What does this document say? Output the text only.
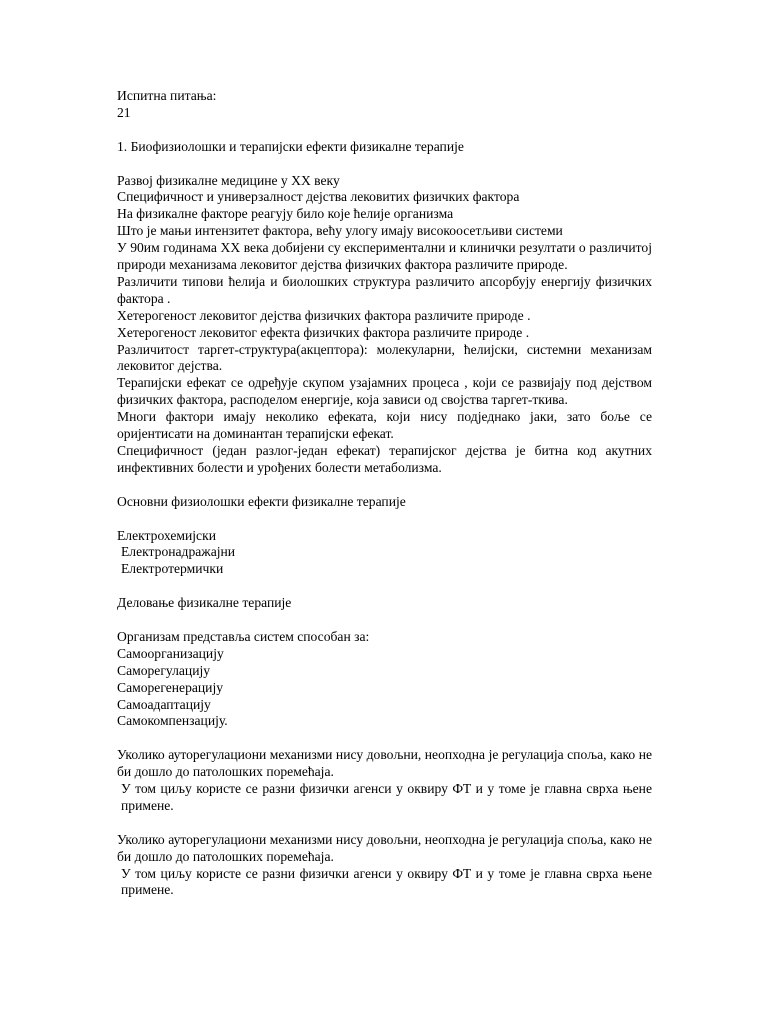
Испитна питања:
21
1. Биофизиолошки и терапијски ефекти физикалне терапије
Развој физикалне медицине у XX веку
Специфичност и универзалност дејства лековитих физичких фактора
На физикалне факторе реагују било које ћелије организма
Што је мањи интензитет фактора, већу улогу имају високоосетљиви системи
У 90им годинама XX века добијени су експериментални и клинички резултати о различитој природи механизама лековитог дејства физичких фактора различите природе.
Различити типови ћелија и биолошких структура различито апсорбују енергију физичких фактора .
Хетерогеност лековитог дејства физичких фактора различите природе .
Хетерогеност лековитог ефекта физичких фактора различите природе .
Различитост таргет-структура(акцептора): молекуларни, ћелијски, системни механизам лековитог дејства.
Терапијски ефекат се одређује скупом узајамних процеса , који се развијају под дејством физичких фактора, расподелом енергије, која зависи од својства таргет-ткива.
Многи фактори имају неколико ефеката, који нису подједнако јаки, зато боље се оријентисати на доминантан терапијски ефекат.
Специфичност (један разлог-један ефекат) терапијског дејства је битна код акутних инфективних болести и урођених болести метаболизма.
Основни физиолошки ефекти физикалне терапије
Електрохемијски
Електронадражајни
Електротермички
Деловање физикалне терапије
Организам представља систем способан за:
Самоорганизацију
Саморегулацију
Саморегенерацију
Самоадаптацију
Самокомпензацију.
Уколико ауторегулациони механизми нису довољни, неопходна је регулација споља, како не би дошло до патолошких поремећаја.
У том циљу користе се разни физички агенси у оквиру ФТ и у томе је главна сврха њене примене.
Уколико ауторегулациони механизми нису довољни, неопходна је регулација споља, како не би дошло до патолошких поремећаја.
У том циљу користе се разни физички агенси у оквиру ФТ и у томе је главна сврха њене примене.
